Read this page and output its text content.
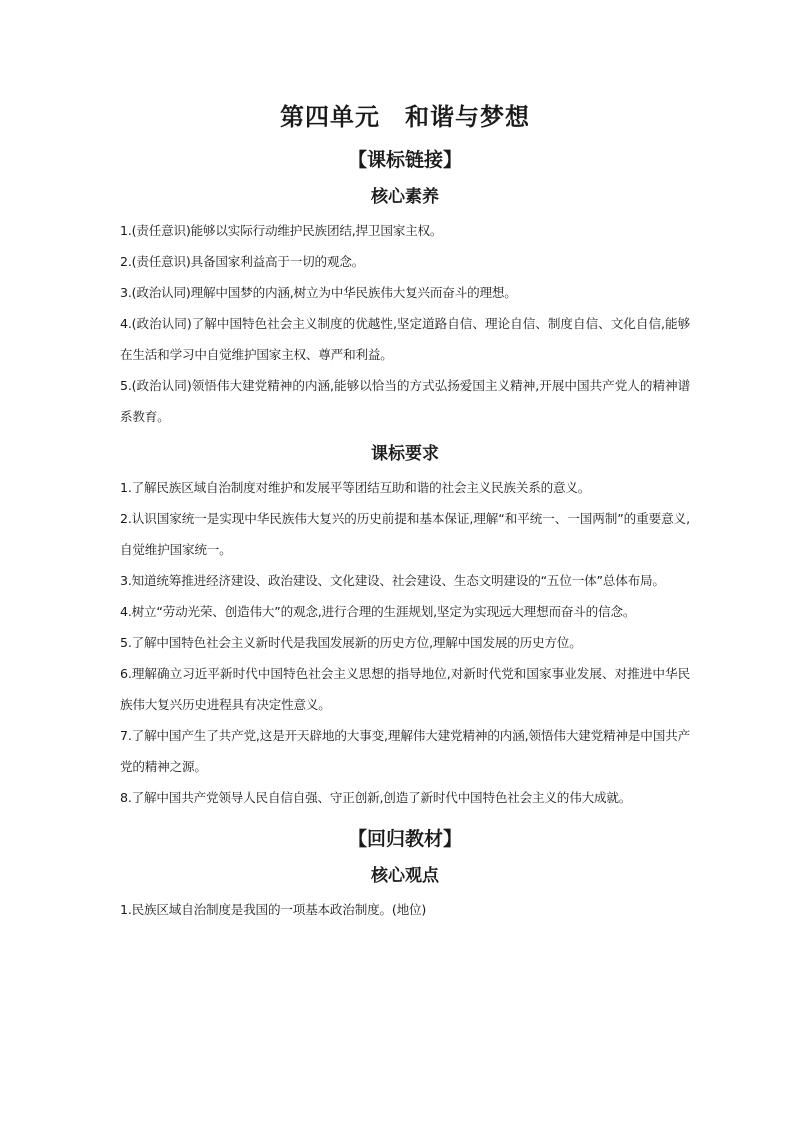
第四单元　和谐与梦想
【课标链接】
核心素养

1.(责任意识)能够以实际行动维护民族团结,捍卫国家主权。

2.(责任意识)具备国家利益高于一切的观念。

3.(政治认同)理解中国梦的内涵,树立为中华民族伟大复兴而奋斗的理想。

4.(政治认同)了解中国特色社会主义制度的优越性,坚定道路自信、理论自信、制度自信、文化自信,能够在生活和学习中自觉维护国家主权、尊严和利益。

5.(政治认同)领悟伟大建党精神的内涵,能够以恰当的方式弘扬爱国主义精神,开展中国共产党人的精神谱系教育。

课标要求

1.了解民族区域自治制度对维护和发展平等团结互助和谐的社会主义民族关系的意义。

2.认识国家统一是实现中华民族伟大复兴的历史前提和基本保证,理解“和平统一、一国两制”的重要意义,自觉维护国家统一。

3.知道统筹推进经济建设、政治建设、文化建设、社会建设、生态文明建设的“五位一体”总体布局。

4.树立“劳动光荣、创造伟大”的观念,进行合理的生涯规划,坚定为实现远大理想而奋斗的信念。

5.了解中国特色社会主义新时代是我国发展新的历史方位,理解中国发展的历史方位。

6.理解确立习近平新时代中国特色社会主义思想的指导地位,对新时代党和国家事业发展、对推进中华民族伟大复兴历史进程具有决定性意义。

7.了解中国产生了共产党,这是开天辟地的大事变,理解伟大建党精神的内涵,领悟伟大建党精神是中国共产党的精神之源。

8.了解中国共产党领导人民自信自强、守正创新,创造了新时代中国特色社会主义的伟大成就。

【回归教材】
核心观点

1.民族区域自治制度是我国的一项基本政治制度。(地位)
